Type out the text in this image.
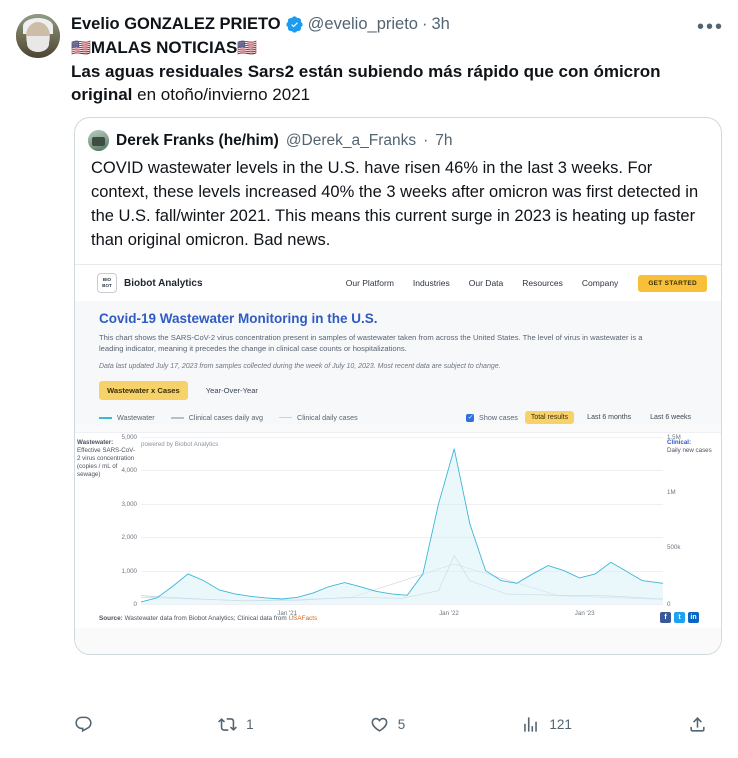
Evelio GONZALEZ PRIETO @evelio_prieto · 3h
🇺🇸MALAS NOTICIAS🇺🇸
Las aguas residuales Sars2 están subiendo más rápido que con ómicron original en otoño/invierno 2021
•••
Derek Franks (he/him) @Derek_a_Franks · 7h
COVID wastewater levels in the U.S. have risen 46% in the last 3 weeks. For context, these levels increased 40% the 3 weeks after omicron was first detected in the U.S. fall/winter 2021. This means this current surge in 2023 is heating up faster than original omicron. Bad news.
BIO
BOT Biobot Analytics	Our Platform Industries Our Data Resources Company	GET STARTED
Covid-19 Wastewater Monitoring in the U.S.
This chart shows the SARS-CoV-2 virus concentration present in samples of wastewater taken from across the United States. The level of virus in wastewater is a leading indicator, meaning it precedes the change in clinical case counts or hospitalizations.
Data last updated July 17, 2023 from samples collected during the week of July 10, 2023. Most recent data are subject to change.
Wastewater x Cases	Year-Over-Year
Wastewater	Clinical cases daily avg	Clinical daily cases	✓ Show cases	Total results	Last 6 months	Last 6 weeks
Wastewater:
Effective SARS-CoV-2 virus concentration (copies / mL of sewage)
Clinical:
Daily new cases
powered by Biobot Analytics
5,000
4,000
3,000
2,000
1,000
0
1.5M
1M
500k
0
Jan '21	Jan '22	Jan '23
Source: Wastewater data from Biobot Analytics; Clinical data from USAFacts	f	t	in
1	5	121
